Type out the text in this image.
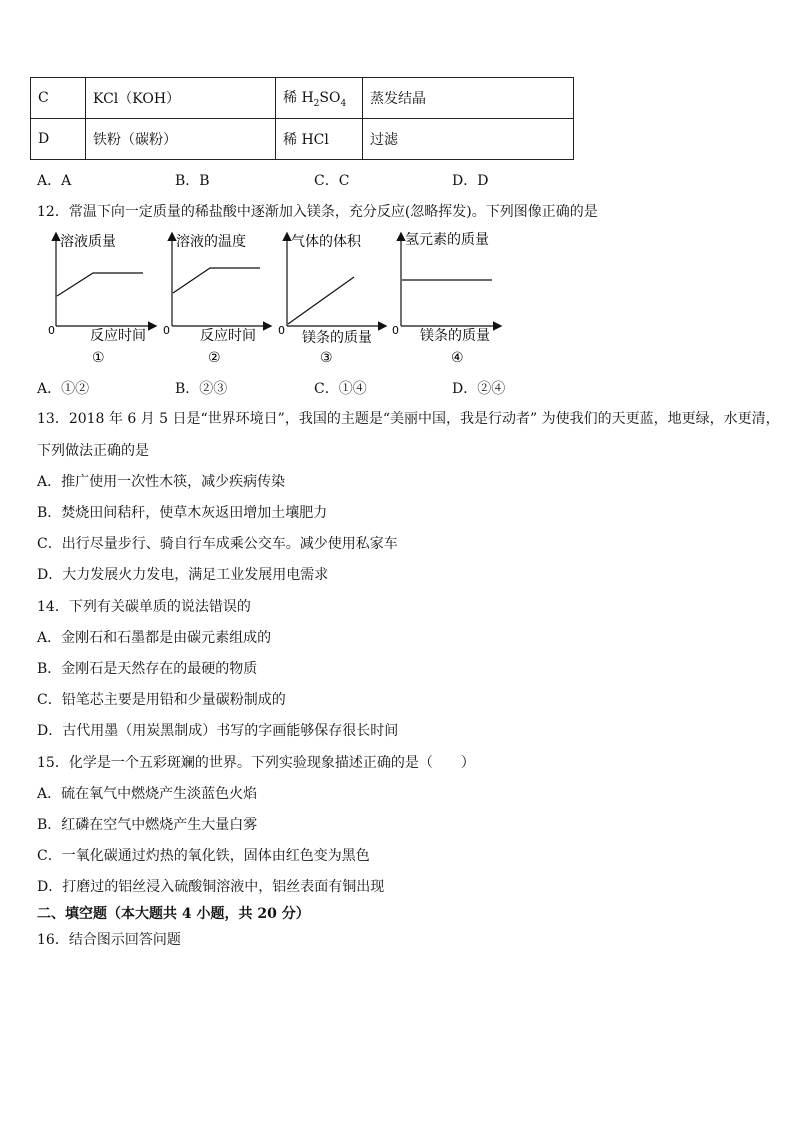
C	KCl（KOH）	稀 $H_2SO_4$	蒸发结晶
D	铁粉（碳粉）	稀 HCl	过滤
A．A	B．B	C．C	D．D
12．常温下向一定质量的稀盐酸中逐渐加入镁条，充分反应(忽略挥发)。下列图像正确的是
溶液质量
反应时间
0
①
溶液的温度
反应时间
0
②
气体的体积
镁条的质量
0
③
氢元素的质量
镁条的质量
0
④
A．①②	B．②③	C．①④	D．②④
13．2018 年 6 月 5 日是“世界环境日”，我国的主题是“美丽中国，我是行动者” 为使我们的天更蓝，地更绿，水更清，
下列做法正确的是
A．推广使用一次性木筷，减少疾病传染
B．焚烧田间秸秆，使草木灰返田增加土壤肥力
C．出行尽量步行、骑自行车成乘公交车。减少使用私家车
D．大力发展火力发电，满足工业发展用电需求
14．下列有关碳单质的说法错误的
A．金刚石和石墨都是由碳元素组成的
B．金刚石是天然存在的最硬的物质
C．铅笔芯主要是用铅和少量碳粉制成的
D．古代用墨（用炭黑制成）书写的字画能够保存很长时间
15．化学是一个五彩斑斓的世界。下列实验现象描述正确的是（　　）
A．硫在氧气中燃烧产生淡蓝色火焰
B．红磷在空气中燃烧产生大量白雾
C．一氧化碳通过灼热的氧化铁，固体由红色变为黑色
D．打磨过的铝丝浸入硫酸铜溶液中，铝丝表面有铜出现
二、填空题（本大题共 4 小题，共 20 分）
16．结合图示回答问题
